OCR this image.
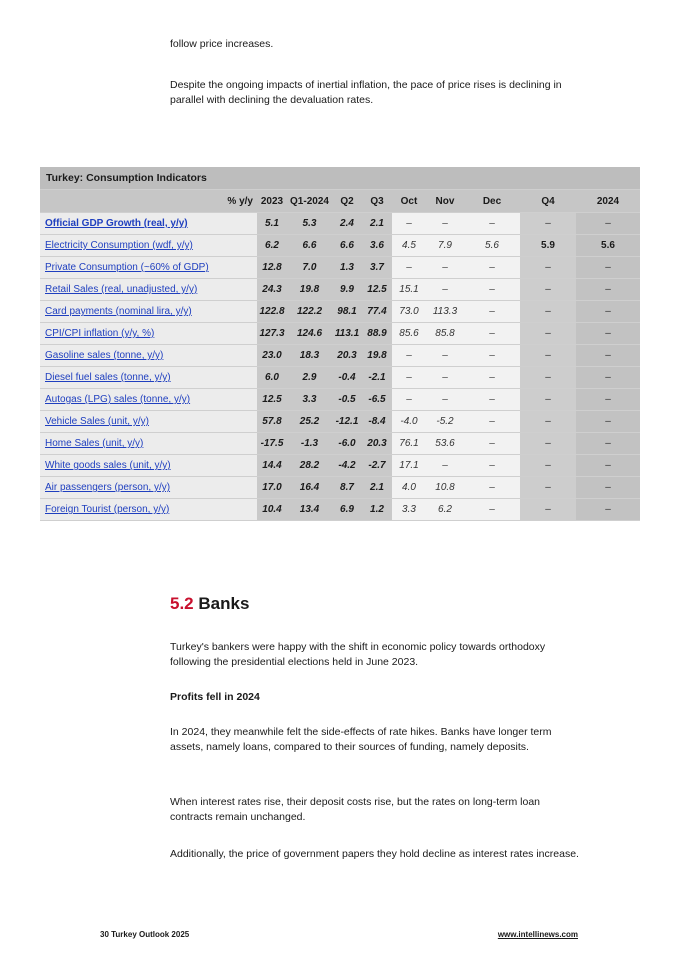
follow price increases.

Despite the ongoing impacts of inertial inflation, the pace of price rises is declining in parallel with declining the devaluation rates.

Turkey: Consumption Indicators
% y/y	2023	Q1-2024	Q2	Q3	Oct	Nov	Dec	Q4	2024
Official GDP Growth (real, y/y)	5.1	5.3	2.4	2.1	–	–	–	–	–
Electricity Consumption (wdf, y/y)	6.2	6.6	6.6	3.6	4.5	7.9	5.6	5.9	5.6
Private Consumption (~60% of GDP)	12.8	7.0	1.3	3.7	–	–	–	–	–
Retail Sales (real, unadjusted, y/y)	24.3	19.8	9.9	12.5	15.1	–	–	–	–
Card payments (nominal lira, y/y)	122.8	122.2	98.1	77.4	73.0	113.3	–	–	–
CPI/CPI inflation (y/y, %)	127.3	124.6	113.1	88.9	85.6	85.8	–	–	–
Gasoline sales (tonne, y/y)	23.0	18.3	20.3	19.8	–	–	–	–	–
Diesel fuel sales (tonne, y/y)	6.0	2.9	-0.4	-2.1	–	–	–	–	–
Autogas (LPG) sales (tonne, y/y)	12.5	3.3	-0.5	-6.5	–	–	–	–	–
Vehicle Sales (unit, y/y)	57.8	25.2	-12.1	-8.4	-4.0	-5.2	–	–	–
Home Sales (unit, y/y)	-17.5	-1.3	-6.0	20.3	76.1	53.6	–	–	–
White goods sales (unit, y/y)	14.4	28.2	-4.2	-2.7	17.1	–	–	–	–
Air passengers (person, y/y)	17.0	16.4	8.7	2.1	4.0	10.8	–	–	–
Foreign Tourist (person, y/y)	10.4	13.4	6.9	1.2	3.3	6.2	–	–	–
5.2 Banks

Turkey's bankers were happy with the shift in economic policy towards orthodoxy following the presidential elections held in June 2023.

Profits fell in 2024

In 2024, they meanwhile felt the side-effects of rate hikes. Banks have longer term assets, namely loans, compared to their sources of funding, namely deposits.

When interest rates rise, their deposit costs rise, but the rates on long-term loan contracts remain unchanged.

Additionally, the price of government papers they hold decline as interest rates increase.

30 Turkey Outlook 2025	www.intellinews.com
